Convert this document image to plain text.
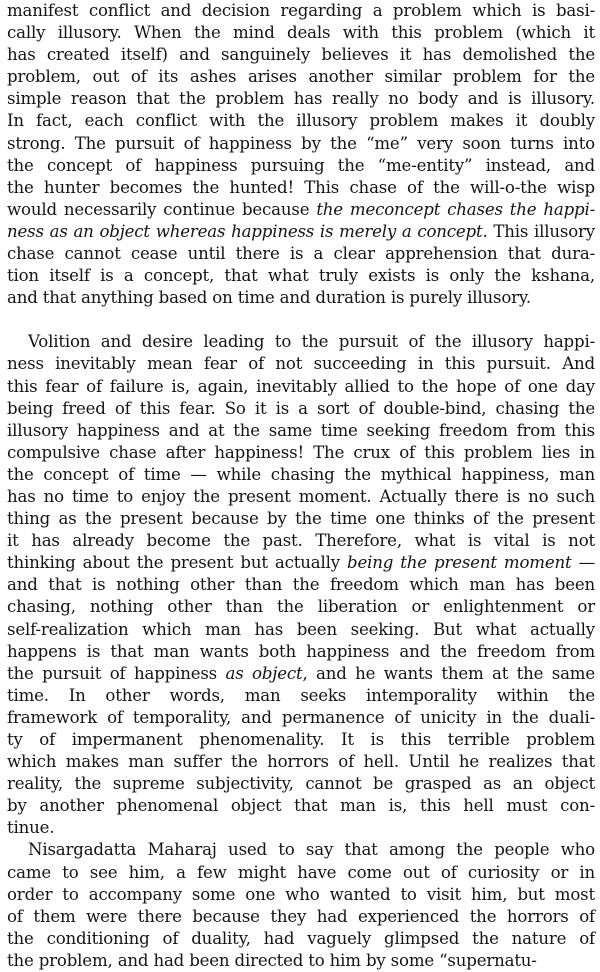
manifest conflict and decision regarding a problem which is basi-
cally illusory. When the mind deals with this problem (which it
has created itself) and sanguinely believes it has demolished the
problem, out of its ashes arises another similar problem for the
simple reason that the problem has really no body and is illusory.
In fact, each conflict with the illusory problem makes it doubly
strong. The pursuit of happiness by the “me” very soon turns into
the concept of happiness pursuing the “me-entity” instead, and
the hunter becomes the hunted! This chase of the will-o-the wisp
would necessarily continue because the meconcept chases the happi-
ness as an object whereas happiness is merely a concept. This illusory
chase cannot cease until there is a clear apprehension that dura-
tion itself is a concept, that what truly exists is only the kshana,
and that anything based on time and duration is purely illusory.
Volition and desire leading to the pursuit of the illusory happi-
ness inevitably mean fear of not succeeding in this pursuit. And
this fear of failure is, again, inevitably allied to the hope of one day
being freed of this fear. So it is a sort of double-bind, chasing the
illusory happiness and at the same time seeking freedom from this
compulsive chase after happiness! The crux of this problem lies in
the concept of time — while chasing the mythical happiness, man
has no time to enjoy the present moment. Actually there is no such
thing as the present because by the time one thinks of the present
it has already become the past. Therefore, what is vital is not
thinking about the present but actually being the present moment —
and that is nothing other than the freedom which man has been
chasing, nothing other than the liberation or enlightenment or
self-realization which man has been seeking. But what actually
happens is that man wants both happiness and the freedom from
the pursuit of happiness as object, and he wants them at the same
time. In other words, man seeks intemporality within the
framework of temporality, and permanence of unicity in the duali-
ty of impermanent phenomenality. It is this terrible problem
which makes man suffer the horrors of hell. Until he realizes that
reality, the supreme subjectivity, cannot be grasped as an object
by another phenomenal object that man is, this hell must con-
tinue.
Nisargadatta Maharaj used to say that among the people who
came to see him, a few might have come out of curiosity or in
order to accompany some one who wanted to visit him, but most
of them were there because they had experienced the horrors of
the conditioning of duality, had vaguely glimpsed the nature of
the problem, and had been directed to him by some “supernatu-
